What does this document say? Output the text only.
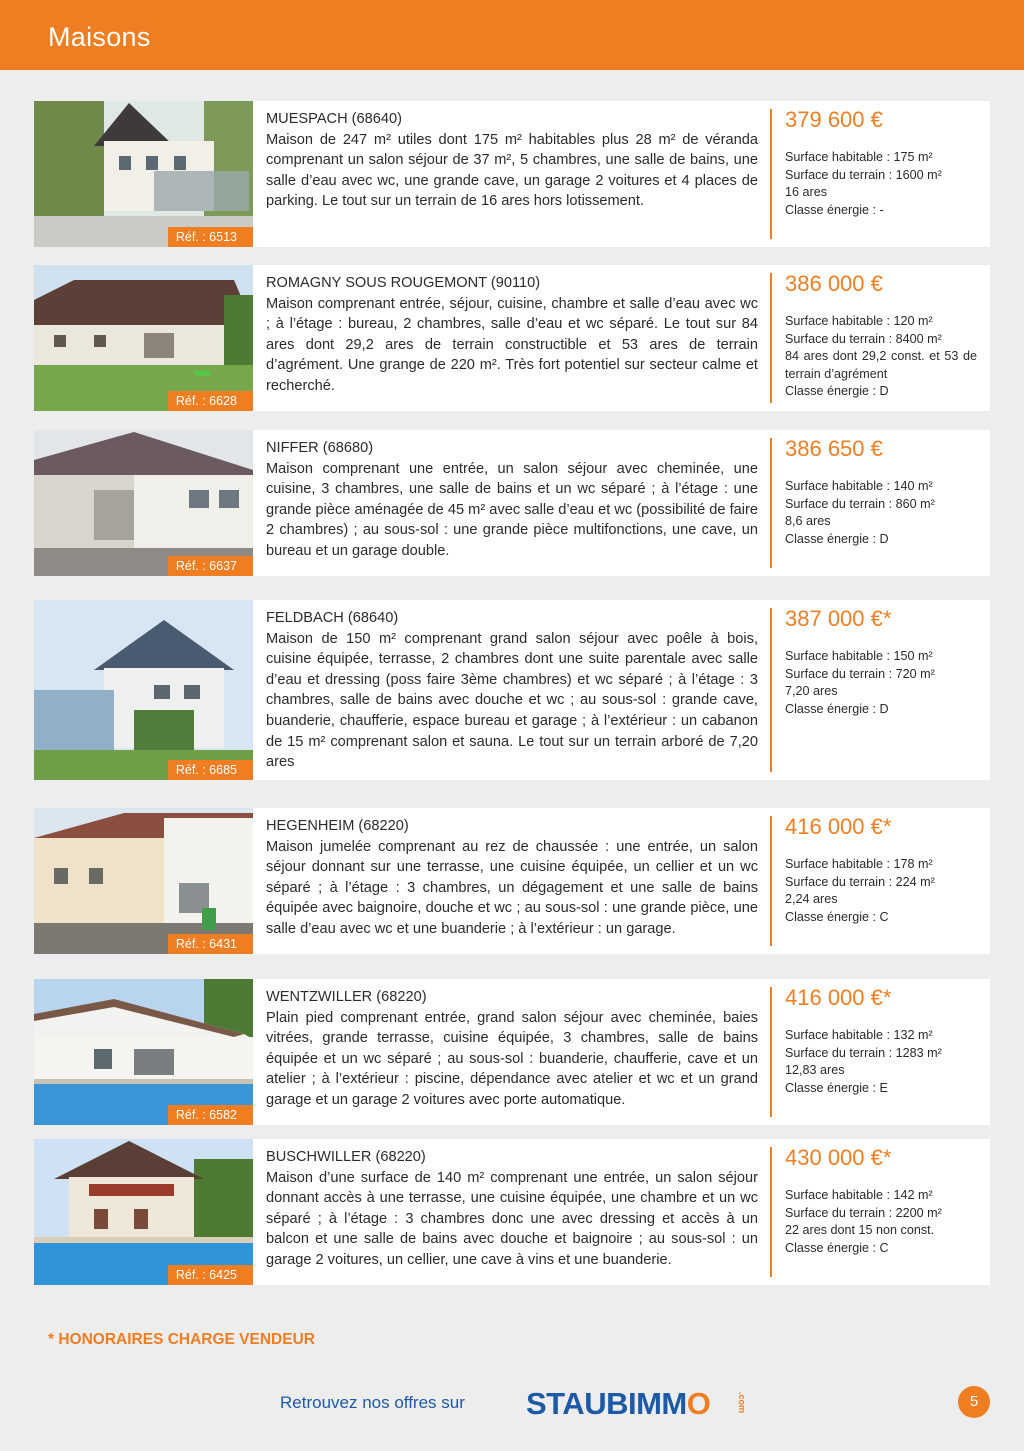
Maisons
Réf. : 6513
MUESPACH (68640)
Maison de 247 m² utiles dont 175 m² habitables plus 28 m² de véranda comprenant un salon séjour de 37 m², 5 chambres, une salle de bains, une salle d’eau avec wc, une grande cave, un garage 2 voitures et 4 places de parking. Le tout sur un terrain de 16 ares hors lotissement.
379 600 €
Surface habitable : 175 m²
Surface du terrain : 1600 m²
16 ares
Classe énergie : -
Réf. : 6628
ROMAGNY SOUS ROUGEMONT (90110)
Maison comprenant entrée, séjour, cuisine, chambre et salle d’eau avec wc ; à l’étage : bureau, 2 chambres, salle d’eau et wc séparé. Le tout sur 84 ares dont 29,2 ares de terrain constructible et 53 ares de terrain d’agrément. Une grange de 220 m². Très fort potentiel sur secteur calme et recherché.
386 000 €
Surface habitable : 120 m²
Surface du terrain : 8400 m²
84 ares dont 29,2 const. et 53 de terrain d’agrément
Classe énergie : D
Réf. : 6637
NIFFER (68680)
Maison comprenant une entrée, un salon séjour avec cheminée, une cuisine, 3 chambres, une salle de bains et un wc séparé ; à l’étage : une grande pièce aménagée de 45 m² avec salle d’eau et wc (possibilité de faire 2 chambres) ; au sous-sol : une grande pièce multifonctions, une cave, un bureau et un garage double.
386 650 €
Surface habitable : 140 m²
Surface du terrain : 860 m²
8,6 ares
Classe énergie : D
Réf. : 6685
FELDBACH (68640)
Maison de 150 m² comprenant grand salon séjour avec poêle à bois, cuisine équipée, terrasse, 2 chambres dont une suite parentale avec salle d’eau et dressing (poss faire 3ème chambres) et wc séparé ; à l’étage : 3 chambres, salle de bains avec douche et wc ; au sous-sol : grande cave, buanderie, chaufferie, espace bureau et garage ; à l’extérieur : un cabanon de 15 m² comprenant salon et sauna. Le tout sur un terrain arboré de 7,20 ares
387 000 €*
Surface habitable : 150 m²
Surface du terrain : 720 m²
7,20 ares
Classe énergie : D
Réf. : 6431
HEGENHEIM (68220)
Maison jumelée comprenant au rez de chaussée : une entrée, un salon séjour donnant sur une terrasse, une cuisine équipée, un cellier et un wc séparé ; à l’étage : 3 chambres, un dégagement et une salle de bains équipée avec baignoire, douche et wc ; au sous-sol : une grande pièce, une salle d’eau avec wc et une buanderie ; à l’extérieur : un garage.
416 000 €*
Surface habitable : 178 m²
Surface du terrain : 224 m²
2,24 ares
Classe énergie : C
Réf. : 6582
WENTZWILLER (68220)
Plain pied comprenant entrée, grand salon séjour avec cheminée, baies vitrées, grande terrasse, cuisine équipée, 3 chambres, salle de bains équipée et un wc séparé ; au sous-sol : buanderie, chaufferie, cave et un atelier ; à l’extérieur : piscine, dépendance avec atelier et wc et un grand garage et un garage 2 voitures avec porte automatique.
416 000 €*
Surface habitable : 132 m²
Surface du terrain : 1283 m²
12,83 ares
Classe énergie : E
Réf. : 6425
BUSCHWILLER (68220)
Maison d’une surface de 140 m² comprenant une entrée, un salon séjour donnant accès à une terrasse, une cuisine équipée, une chambre et un wc séparé ; à l’étage : 3 chambres donc une avec dressing et accès à un balcon et une salle de bains avec douche et baignoire ; au sous-sol : un garage 2 voitures, un cellier, une cave à vins et une buanderie.
430 000 €*
Surface habitable : 142 m²
Surface du terrain : 2200 m²
22 ares dont 15 non const.
Classe énergie : C
* HONORAIRES CHARGE VENDEUR
Retrouvez nos offres sur STAUBIMMO	.com	5
